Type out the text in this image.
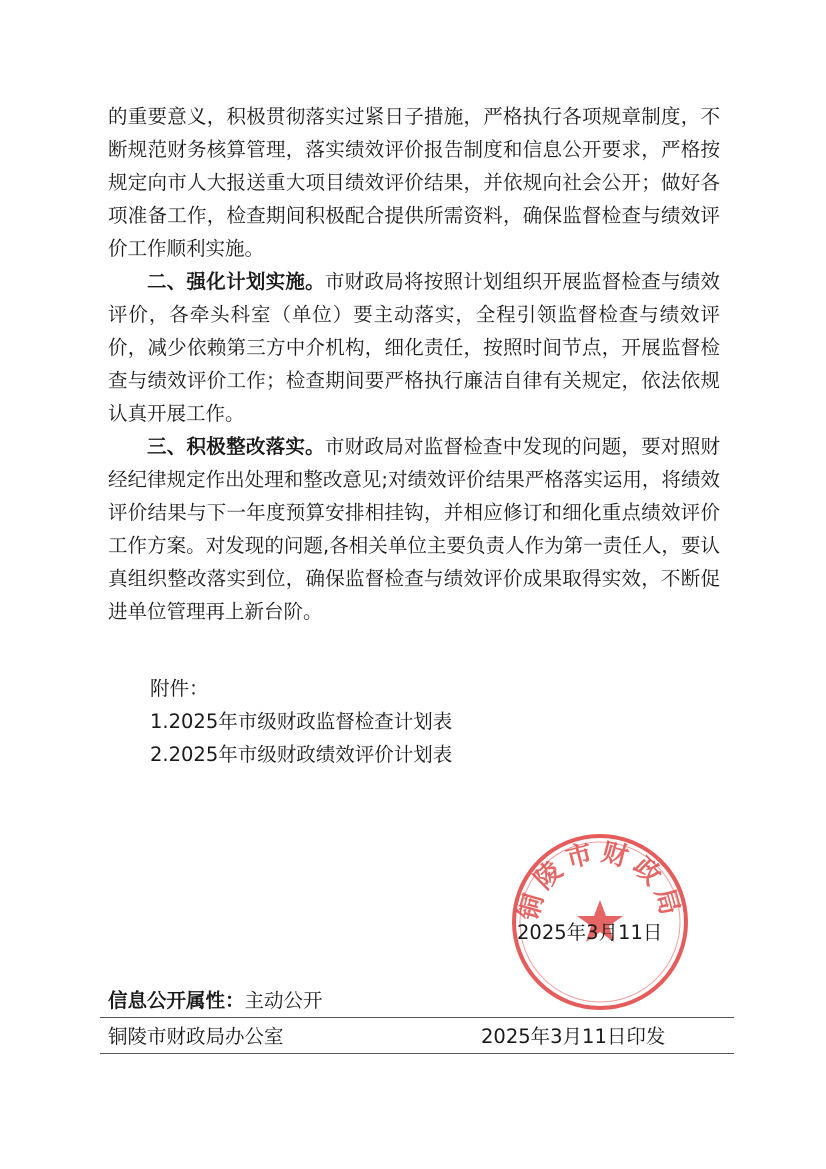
的重要意义，积极贯彻落实过紧日子措施，严格执行各项规章制度，不断规范财务核算管理，落实绩效评价报告制度和信息公开要求，严格按规定向市人大报送重大项目绩效评价结果，并依规向社会公开；做好各项准备工作，检查期间积极配合提供所需资料，确保监督检查与绩效评价工作顺利实施。

二、强化计划实施。市财政局将按照计划组织开展监督检查与绩效评价，各牵头科室（单位）要主动落实，全程引领监督检查与绩效评价，减少依赖第三方中介机构，细化责任，按照时间节点，开展监督检查与绩效评价工作；检查期间要严格执行廉洁自律有关规定，依法依规认真开展工作。

三、积极整改落实。市财政局对监督检查中发现的问题，要对照财经纪律规定作出处理和整改意见;对绩效评价结果严格落实运用，将绩效评价结果与下一年度预算安排相挂钩，并相应修订和细化重点绩效评价工作方案。对发现的问题,各相关单位主要负责人作为第一责任人，要认真组织整改落实到位，确保监督检查与绩效评价成果取得实效，不断促进单位管理再上新台阶。

附件：
1.2025年市级财政监督检查计划表
2.2025年市级财政绩效评价计划表
铜陵市财政局
2025年3月11日
信息公开属性：主动公开
铜陵市财政局办公室	2025年3月11日印发
